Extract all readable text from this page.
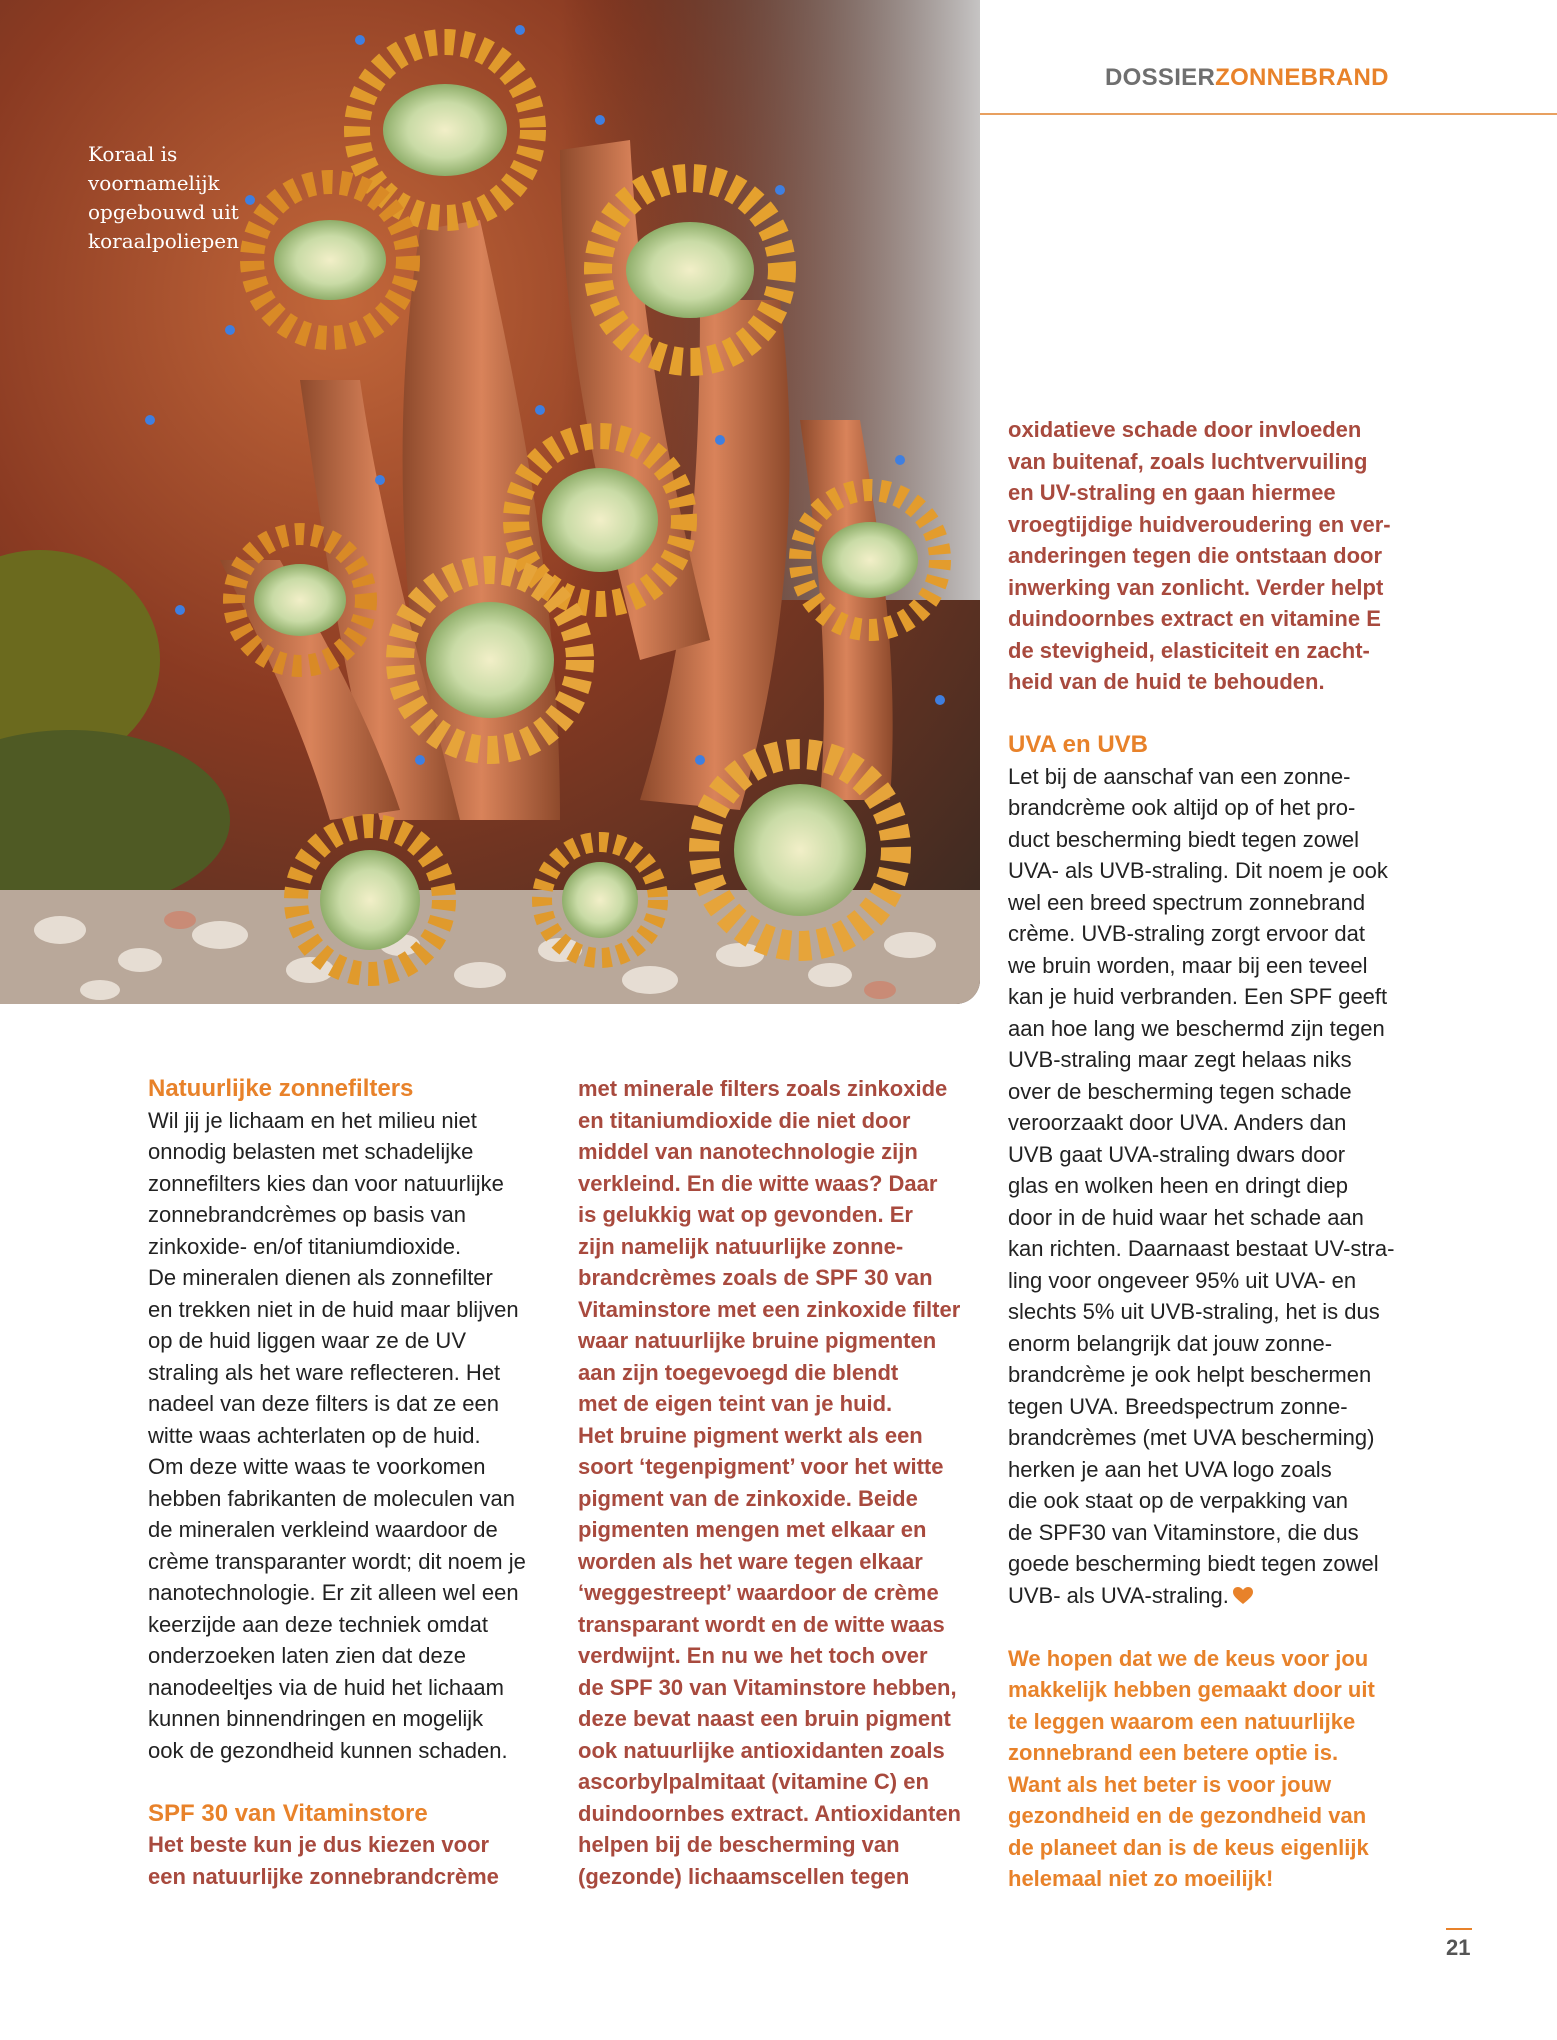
DOSSIERZONNEBRAND
Koraal is
voornamelijk
opgebouwd uit
koraalpoliepen
Natuurlijke zonnefilters
Wil jij je lichaam en het milieu niet
onnodig belasten met schadelijke
zonnefilters kies dan voor natuurlijke
zonnebrandcrèmes op basis van
zinkoxide- en/of titaniumdioxide.
De mineralen dienen als zonnefilter
en trekken niet in de huid maar blijven
op de huid liggen waar ze de UV
straling als het ware reflecteren. Het
nadeel van deze filters is dat ze een
witte waas achterlaten op de huid.
Om deze witte waas te voorkomen
hebben fabrikanten de moleculen van
de mineralen verkleind waardoor de
crème transparanter wordt; dit noem je
nanotechnologie. Er zit alleen wel een
keerzijde aan deze techniek omdat
onderzoeken laten zien dat deze
nanodeeltjes via de huid het lichaam
kunnen binnendringen en mogelijk
ook de gezondheid kunnen schaden.
SPF 30 van Vitaminstore
Het beste kun je dus kiezen voor
een natuurlijke zonnebrandcrème
met minerale filters zoals zinkoxide
en titaniumdioxide die niet door
middel van nanotechnologie zijn
verkleind. En die witte waas? Daar
is gelukkig wat op gevonden. Er
zijn namelijk natuurlijke zonne-
brandcrèmes zoals de SPF 30 van
Vitaminstore met een zinkoxide filter
waar natuurlijke bruine pigmenten
aan zijn toegevoegd die blendt
met de eigen teint van je huid.
Het bruine pigment werkt als een
soort ‘tegenpigment’ voor het witte
pigment van de zinkoxide. Beide
pigmenten mengen met elkaar en
worden als het ware tegen elkaar
‘weggestreept’ waardoor de crème
transparant wordt en de witte waas
verdwijnt. En nu we het toch over
de SPF 30 van Vitaminstore hebben,
deze bevat naast een bruin pigment
ook natuurlijke antioxidanten zoals
ascorbylpalmitaat (vitamine C) en
duindoornbes extract. Antioxidanten
helpen bij de bescherming van
(gezonde) lichaamscellen tegen
oxidatieve schade door invloeden
van buitenaf, zoals luchtvervuiling
en UV-straling en gaan hiermee
vroegtijdige huidveroudering en ver-
anderingen tegen die ontstaan door
inwerking van zonlicht. Verder helpt
duindoornbes extract en vitamine E
de stevigheid, elasticiteit en zacht-
heid van de huid te behouden.
UVA en UVB
Let bij de aanschaf van een zonne-
brandcrème ook altijd op of het pro-
duct bescherming biedt tegen zowel
UVA- als UVB-straling. Dit noem je ook
wel een breed spectrum zonnebrand
crème. UVB-straling zorgt ervoor dat
we bruin worden, maar bij een teveel
kan je huid verbranden. Een SPF geeft
aan hoe lang we beschermd zijn tegen
UVB-straling maar zegt helaas niks
over de bescherming tegen schade
veroorzaakt door UVA. Anders dan
UVB gaat UVA-straling dwars door
glas en wolken heen en dringt diep
door in de huid waar het schade aan
kan richten. Daarnaast bestaat UV-stra-
ling voor ongeveer 95% uit UVA- en
slechts 5% uit UVB-straling, het is dus
enorm belangrijk dat jouw zonne-
brandcrème je ook helpt beschermen
tegen UVA. Breedspectrum zonne-
brandcrèmes (met UVA bescherming)
herken je aan het UVA logo zoals
die ook staat op de verpakking van
de SPF30 van Vitaminstore, die dus
goede bescherming biedt tegen zowel
UVB- als UVA-straling.
We hopen dat we de keus voor jou
makkelijk hebben gemaakt door uit
te leggen waarom een natuurlijke
zonnebrand een betere optie is.
Want als het beter is voor jouw
gezondheid en de gezondheid van
de planeet dan is de keus eigenlijk
helemaal niet zo moeilijk!
21
